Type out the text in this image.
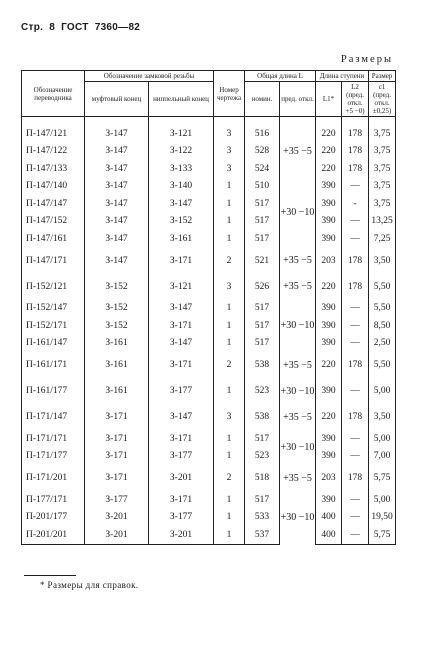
Стр. 8 ГОСТ 7360—82
Размеры
Обозначение переводника	Обозначение замковой резьбы		Номер чертежа	Общая длина L		Длина ступени		Размер
	муфтовый конец	ниппельный конец		номин.	пред. откл.	L1*	L2 (пред. откл. +5 −0)	c1 (пред. откл. ±0,25)
П-147/121	З-147	З-121	3	516	+35 −5	220	178	3,75
П-147/122	З-147	З-122	3	528		220	178	3,75
П-147/133	З-147	З-133	3	524		220	178	3,75
П-147/140	З-147	З-140	1	510	+30 −10	390	—	3,75
П-147/147	З-147	З-147	1	517		390	-	3,75
П-147/152	З-147	З-152	1	517		390	—	13,25
П-147/161	З-147	З-161	1	517		390	—	7,25
П-147/171	З-147	З-171	2	521	+35 −5	203	178	3,50
П-152/121	З-152	З-121	3	526	+35 −5	220	178	5,50
П-152/147	З-152	З-147	1	517	+30 −10	390	—	5,50
П-152/171	З-152	З-171	1	517		390	—	8,50
П-161/147	З-161	З-147	1	517		390	—	2,50
П-161/171	З-161	З-171	2	538	+35 −5	220	178	5,50
П-161/177	З-161	З-177	1	523	+30 −10	390	—	5,00
П-171/147	З-171	З-147	3	538	+35 −5	220	178	3,50
П-171/171	З-171	З-171	1	517	+30 −10	390	—	5,00
П-171/177	З-171	З-177	1	523		390	—	7,00
П-171/201	З-171	З-201	2	518	+35 −5	203	178	5,75
П-177/171	З-177	З-171	1	517	+30 −10	390	—	5,00
П-201/177	З-201	З-177	1	533		400	—	19,50
П-201/201	З-201	З-201	1	537		400	—	5,75
* Размеры для справок.
